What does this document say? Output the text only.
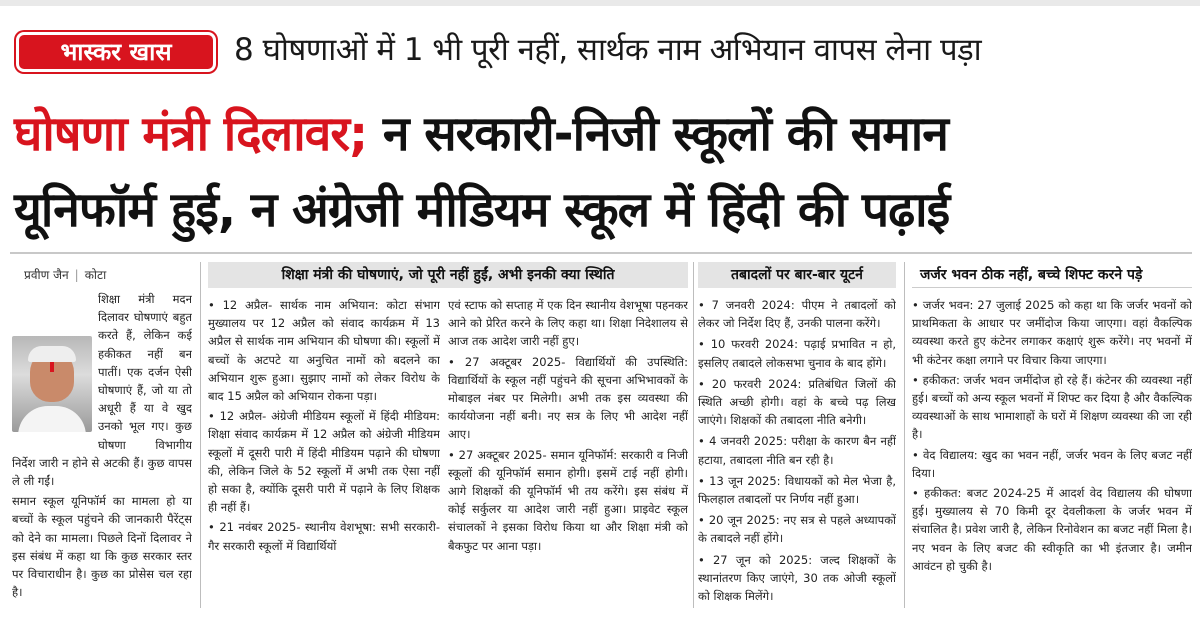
भास्कर खास	8 घोषणाओं में 1 भी पूरी नहीं, सार्थक नाम अभियान वापस लेना पड़ा
घोषणा मंत्री दिलावर; न सरकारी-निजी स्कूलों की समान
यूनिफॉर्म हुई, न अंग्रेजी मीडियम स्कूल में हिंदी की पढ़ाई
प्रवीण जैन | कोटा

शिक्षा मंत्री मदन दिलावर घोषणाएं बहुत करते हैं, लेकिन कई हकीकत नहीं बन पातीं। एक दर्जन ऐसी घोषणाएं हैं, जो या तो अधूरी हैं या वे खुद उनको भूल गए। कुछ घोषणा विभागीय निर्देश जारी न होने से अटकी हैं। कुछ वापस ले ली गईं।

समान स्कूल यूनिफॉर्म का मामला हो या बच्चों के स्कूल पहुंचने की जानकारी पैरेंट्स को देने का मामला। पिछले दिनों दिलावर ने इस संबंध में कहा था कि कुछ सरकार स्तर पर विचाराधीन है। कुछ का प्रोसेस चल रहा है।

शिक्षा मंत्री की घोषणाएं, जो पूरी नहीं हुईं, अभी इनकी क्या स्थिति	तबादलों पर बार-बार यूटर्न	जर्जर भवन ठीक नहीं, बच्चे शिफ्ट करने पड़े

• 12 अप्रैल- सार्थक नाम अभियान: कोटा संभाग मुख्यालय पर 12 अप्रैल को संवाद कार्यक्रम में 13 अप्रैल से सार्थक नाम अभियान की घोषणा की। स्कूलों में बच्चों के अटपटे या अनुचित नामों को बदलने का अभियान शुरू हुआ। सुझाए नामों को लेकर विरोध के बाद 15 अप्रैल को अभियान रोकना पड़ा।

• 12 अप्रैल- अंग्रेजी मीडियम स्कूलों में हिंदी मीडियम: शिक्षा संवाद कार्यक्रम में 12 अप्रैल को अंग्रेजी मीडियम स्कूलों में दूसरी पारी में हिंदी मीडियम पढ़ाने की घोषणा की, लेकिन जिले के 52 स्कूलों में अभी तक ऐसा नहीं हो सका है, क्योंकि दूसरी पारी में पढ़ाने के लिए शिक्षक ही नहीं हैं।

• 21 नवंबर 2025- स्थानीय वेशभूषा: सभी सरकारी-गैर सरकारी स्कूलों में विद्यार्थियों

एवं स्टाफ को सप्ताह में एक दिन स्थानीय वेशभूषा पहनकर आने को प्रेरित करने के लिए कहा था। शिक्षा निदेशालय से आज तक आदेश जारी नहीं हुए।

• 27 अक्टूबर 2025- विद्यार्थियों की उपस्थिति: विद्यार्थियों के स्कूल नहीं पहुंचने की सूचना अभिभावकों के मोबाइल नंबर पर मिलेगी। अभी तक इस व्यवस्था की कार्ययोजना नहीं बनी। नए सत्र के लिए भी आदेश नहीं आए।

• 27 अक्टूबर 2025- समान यूनिफॉर्म: सरकारी व निजी स्कूलों की यूनिफॉर्म समान होगी। इसमें टाई नहीं होगी। आगे शिक्षकों की यूनिफॉर्म भी तय करेंगे। इस संबंध में कोई सर्कुलर या आदेश जारी नहीं हुआ। प्राइवेट स्कूल संचालकों ने इसका विरोध किया था और शिक्षा मंत्री को बैकफुट पर आना पड़ा।

• 7 जनवरी 2024: पीएम ने तबादलों को लेकर जो निर्देश दिए हैं, उनकी पालना करेंगे।

• 10 फरवरी 2024: पढ़ाई प्रभावित न हो, इसलिए तबादले लोकसभा चुनाव के बाद होंगे।

• 20 फरवरी 2024: प्रतिबंधित जिलों की स्थिति अच्छी होगी। वहां के बच्चे पढ़ लिख जाएंगे। शिक्षकों की तबादला नीति बनेगी।

• 4 जनवरी 2025: परीक्षा के कारण बैन नहीं हटाया, तबादला नीति बन रही है।

• 13 जून 2025: विधायकों को मेल भेजा है, फिलहाल तबादलों पर निर्णय नहीं हुआ।

• 20 जून 2025: नए सत्र से पहले अध्यापकों के तबादले नहीं होंगे।

• 27 जून को 2025: जल्द शिक्षकों के स्थानांतरण किए जाएंगे, 30 तक ओजी स्कूलों को शिक्षक मिलेंगे।

• जर्जर भवन: 27 जुलाई 2025 को कहा था कि जर्जर भवनों को प्राथमिकता के आधार पर जमींदोज किया जाएगा। वहां वैकल्पिक व्यवस्था करते हुए कंटेनर लगाकर कक्षाएं शुरू करेंगे। नए भवनों में भी कंटेनर कक्षा लगाने पर विचार किया जाएगा।

• हकीकत: जर्जर भवन जमींदोज हो रहे हैं। कंटेनर की व्यवस्था नहीं हुई। बच्चों को अन्य स्कूल भवनों में शिफ्ट कर दिया है और वैकल्पिक व्यवस्थाओं के साथ भामाशाहों के घरों में शिक्षण व्यवस्था की जा रही है।

• वेद विद्यालय: खुद का भवन नहीं, जर्जर भवन के लिए बजट नहीं दिया।

• हकीकत: बजट 2024-25 में आदर्श वेद विद्यालय की घोषणा हुई। मुख्यालय से 70 किमी दूर देवलीकला के जर्जर भवन में संचालित है। प्रवेश जारी है, लेकिन रिनोवेशन का बजट नहीं मिला है। नए भवन के लिए बजट की स्वीकृति का भी इंतजार है। जमीन आवंटन हो चुकी है।
